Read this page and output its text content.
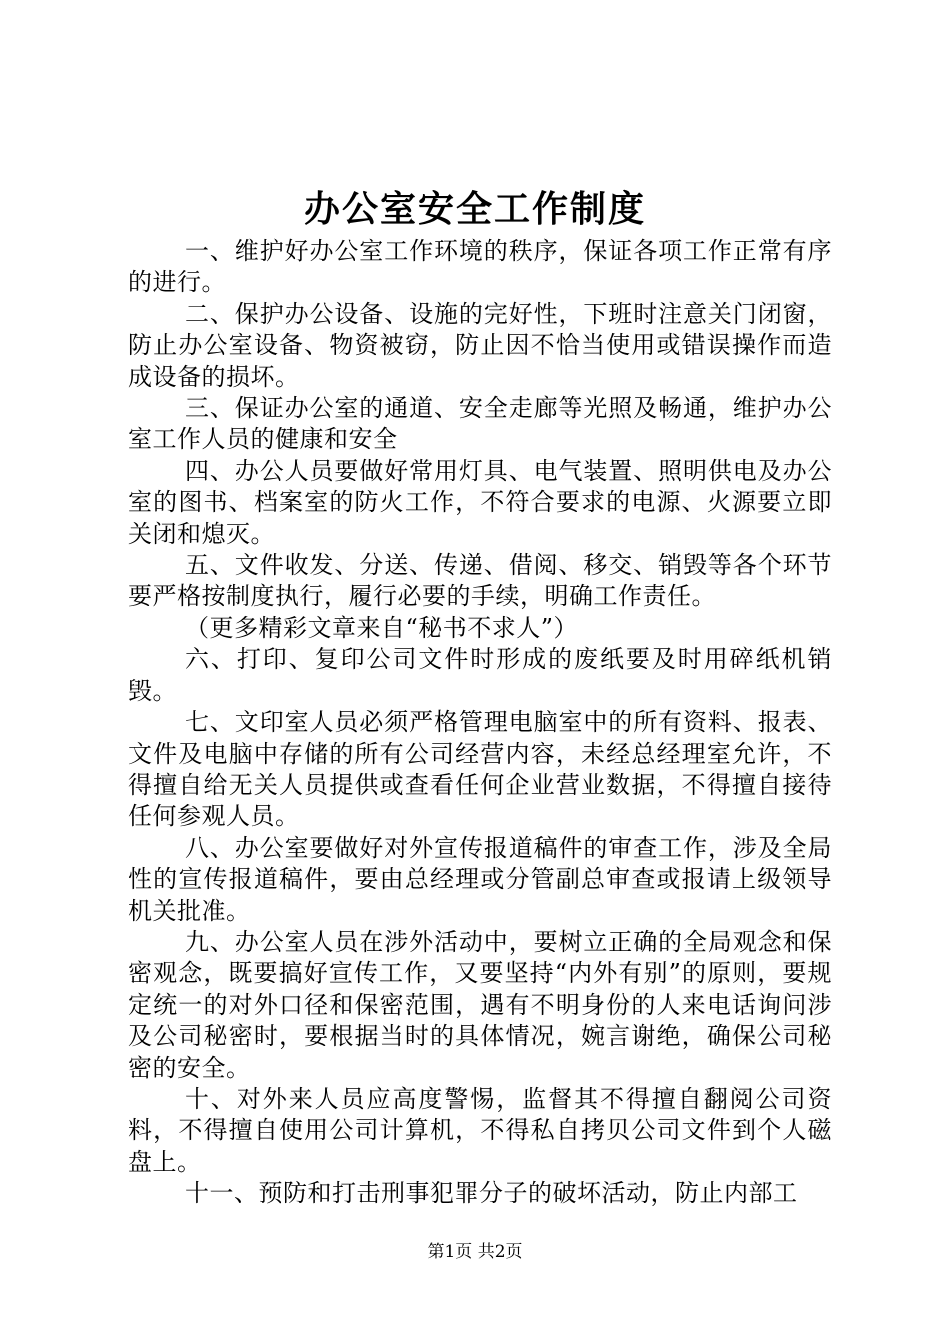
办公室安全工作制度

一、维护好办公室工作环境的秩序，保证各项工作正常有序的进行。

二、保护办公设备、设施的完好性，下班时注意关门闭窗，防止办公室设备、物资被窃，防止因不恰当使用或错误操作而造成设备的损坏。

三、保证办公室的通道、安全走廊等光照及畅通，维护办公室工作人员的健康和安全

四、办公人员要做好常用灯具、电气装置、照明供电及办公室的图书、档案室的防火工作，不符合要求的电源、火源要立即关闭和熄灭。

五、文件收发、分送、传递、借阅、移交、销毁等各个环节要严格按制度执行，履行必要的手续，明确工作责任。

（更多精彩文章来自“秘书不求人”）

六、打印、复印公司文件时形成的废纸要及时用碎纸机销毁。

七、文印室人员必须严格管理电脑室中的所有资料、报表、文件及电脑中存储的所有公司经营内容，未经总经理室允许，不得擅自给无关人员提供或查看任何企业营业数据，不得擅自接待任何参观人员。

八、办公室要做好对外宣传报道稿件的审查工作，涉及全局性的宣传报道稿件，要由总经理或分管副总审查或报请上级领导机关批准。

九、办公室人员在涉外活动中，要树立正确的全局观念和保密观念，既要搞好宣传工作，又要坚持“内外有别”的原则，要规定统一的对外口径和保密范围，遇有不明身份的人来电话询问涉及公司秘密时，要根据当时的具体情况，婉言谢绝，确保公司秘密的安全。

十、对外来人员应高度警惕，监督其不得擅自翻阅公司资料，不得擅自使用公司计算机，不得私自拷贝公司文件到个人磁盘上。

十一、预防和打击刑事犯罪分子的破坏活动，防止内部工

第1页 共2页
